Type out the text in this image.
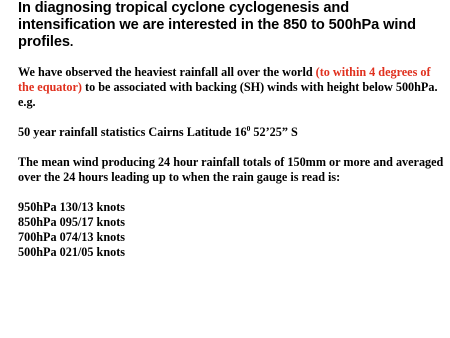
In diagnosing tropical cyclone cyclogenesis and intensification we are interested in the 850 to 500hPa wind profiles.

We have observed the heaviest rainfall all over the world (to within 4 degrees of the equator) to be associated with backing (SH) winds with height below 500hPa.

e.g.

50 year rainfall statistics Cairns Latitude $16^0$ 52’25” S

The mean wind producing 24 hour rainfall totals of 150mm or more and averaged over the 24 hours leading up to when the rain gauge is read is:

950hPa 130/13 knots

850hPa 095/17 knots

700hPa 074/13 knots

500hPa 021/05 knots
